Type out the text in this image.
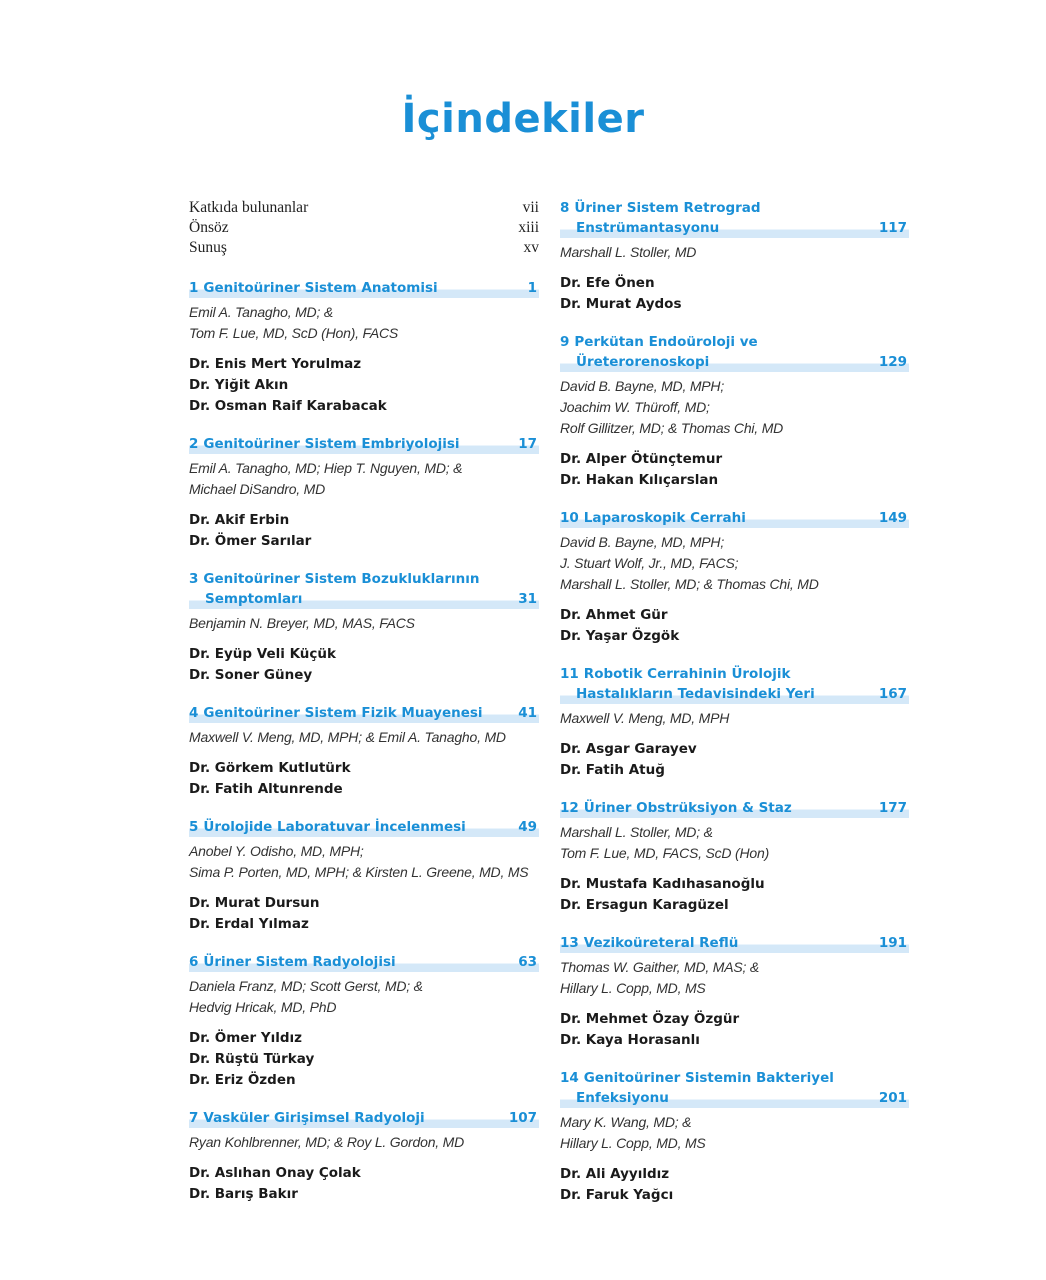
İçindekiler
Katkıda bulunanlar	vii
Önsöz	xiii
Sunuş	xv
1 Genitoüriner Sistem Anatomisi	1
Emil A. Tanagho, MD; &
Tom F. Lue, MD, ScD (Hon), FACS
Dr. Enis Mert Yorulmaz
Dr. Yiğit Akın
Dr. Osman Raif Karabacak
2 Genitoüriner Sistem Embriyolojisi	17
Emil A. Tanagho, MD; Hiep T. Nguyen, MD; &
Michael DiSandro, MD
Dr. Akif Erbin
Dr. Ömer Sarılar
3 Genitoüriner Sistem Bozukluklarının
Semptomları	31
Benjamin N. Breyer, MD, MAS, FACS
Dr. Eyüp Veli Küçük
Dr. Soner Güney
4 Genitoüriner Sistem Fizik Muayenesi	41
Maxwell V. Meng, MD, MPH; & Emil A. Tanagho, MD
Dr. Görkem Kutlutürk
Dr. Fatih Altunrende
5 Ürolojide Laboratuvar İncelenmesi	49
Anobel Y. Odisho, MD, MPH;
Sima P. Porten, MD, MPH; & Kirsten L. Greene, MD, MS
Dr. Murat Dursun
Dr. Erdal Yılmaz
6 Üriner Sistem Radyolojisi	63
Daniela Franz, MD; Scott Gerst, MD; &
Hedvig Hricak, MD, PhD
Dr. Ömer Yıldız
Dr. Rüştü Türkay
Dr. Eriz Özden
7 Vasküler Girişimsel Radyoloji	107
Ryan Kohlbrenner, MD; & Roy L. Gordon, MD
Dr. Aslıhan Onay Çolak
Dr. Barış Bakır
8 Üriner Sistem Retrograd
Enstrümantasyonu	117
Marshall L. Stoller, MD
Dr. Efe Önen
Dr. Murat Aydos
9 Perkütan Endoüroloji ve
Üreterorenoskopi	129
David B. Bayne, MD, MPH;
Joachim W. Thüroff, MD;
Rolf Gillitzer, MD; & Thomas Chi, MD
Dr. Alper Ötünçtemur
Dr. Hakan Kılıçarslan
10 Laparoskopik Cerrahi	149
David B. Bayne, MD, MPH;
J. Stuart Wolf, Jr., MD, FACS;
Marshall L. Stoller, MD; & Thomas Chi, MD
Dr. Ahmet Gür
Dr. Yaşar Özgök
11 Robotik Cerrahinin Ürolojik
Hastalıkların Tedavisindeki Yeri	167
Maxwell V. Meng, MD, MPH
Dr. Asgar Garayev
Dr. Fatih Atuğ
12 Üriner Obstrüksiyon & Staz	177
Marshall L. Stoller, MD; &
Tom F. Lue, MD, FACS, ScD (Hon)
Dr. Mustafa Kadıhasanoğlu
Dr. Ersagun Karagüzel
13 Vezikoüreteral Reflü	191
Thomas W. Gaither, MD, MAS; &
Hillary L. Copp, MD, MS
Dr. Mehmet Özay Özgür
Dr. Kaya Horasanlı
14 Genitoüriner Sistemin Bakteriyel
Enfeksiyonu	201
Mary K. Wang, MD; &
Hillary L. Copp, MD, MS
Dr. Ali Ayyıldız
Dr. Faruk Yağcı
